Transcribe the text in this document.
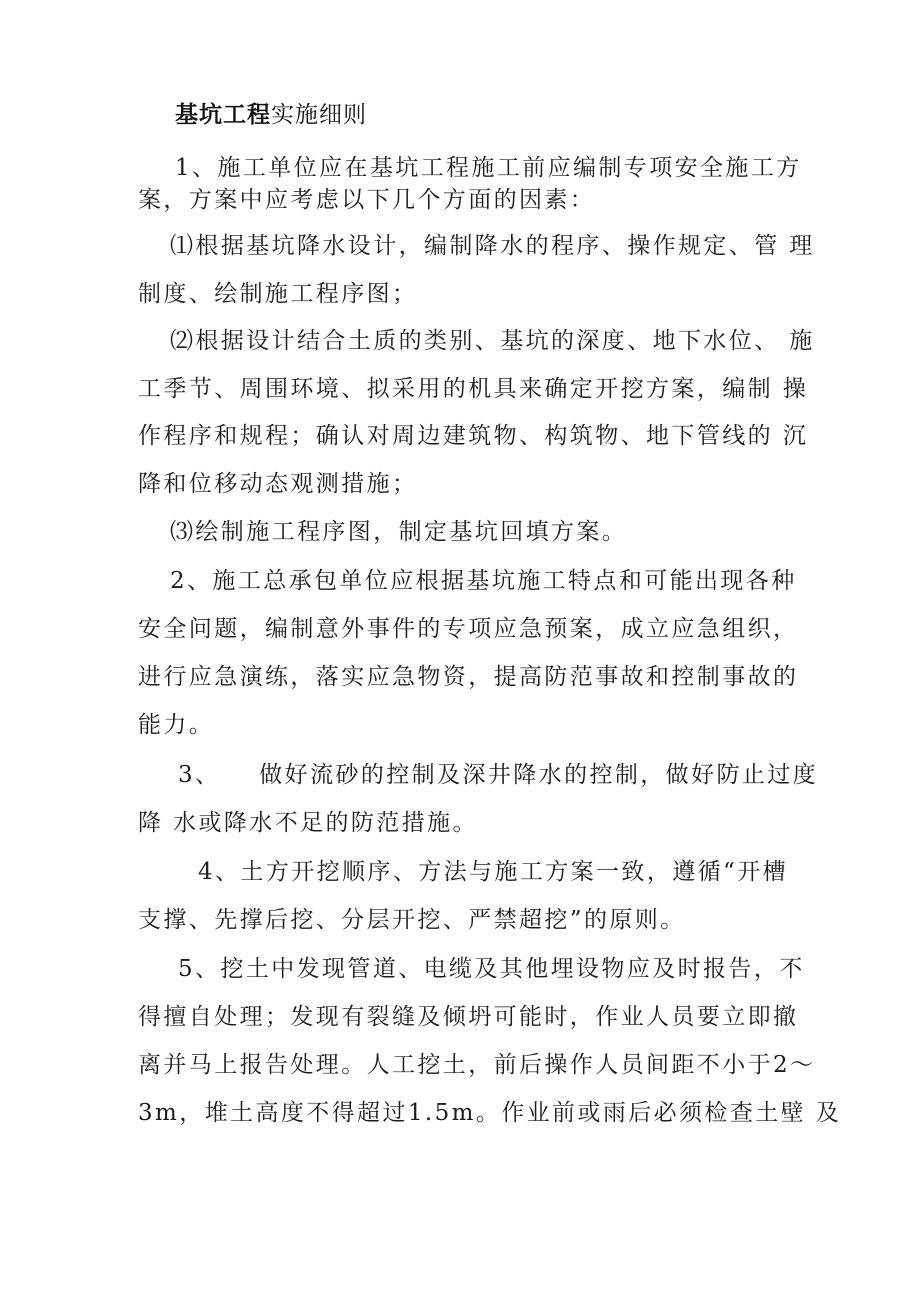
基坑工程实施细则
1、施工单位应在基坑工程施工前应编制专项安全施工方
案，方案中应考虑以下几个方面的因素：
⑴根据基坑降水设计，编制降水的程序、操作规定、管 理
制度、绘制施工程序图；
⑵根据设计结合土质的类别、基坑的深度、地下水位、 施
工季节、周围环境、拟采用的机具来确定开挖方案，编制 操
作程序和规程；确认对周边建筑物、构筑物、地下管线的 沉
降和位移动态观测措施；
⑶绘制施工程序图，制定基坑回填方案。
2、施工总承包单位应根据基坑施工特点和可能出现各种
安全问题，编制意外事件的专项应急预案，成立应急组织，
进行应急演练，落实应急物资，提高防范事故和控制事故的
能力。
3、    做好流砂的控制及深井降水的控制，做好防止过度
降 水或降水不足的防范措施。
4、土方开挖顺序、方法与施工方案一致，遵循“开槽
支撑、先撑后挖、分层开挖、严禁超挖”的原则。
5、挖土中发现管道、电缆及其他埋设物应及时报告，不
得擅自处理；发现有裂缝及倾坍可能时，作业人员要立即撤
离并马上报告处理。人工挖土，前后操作人员间距不小于2～
3m，堆土高度不得超过1.5m。作业前或雨后必须检查土壁 及
